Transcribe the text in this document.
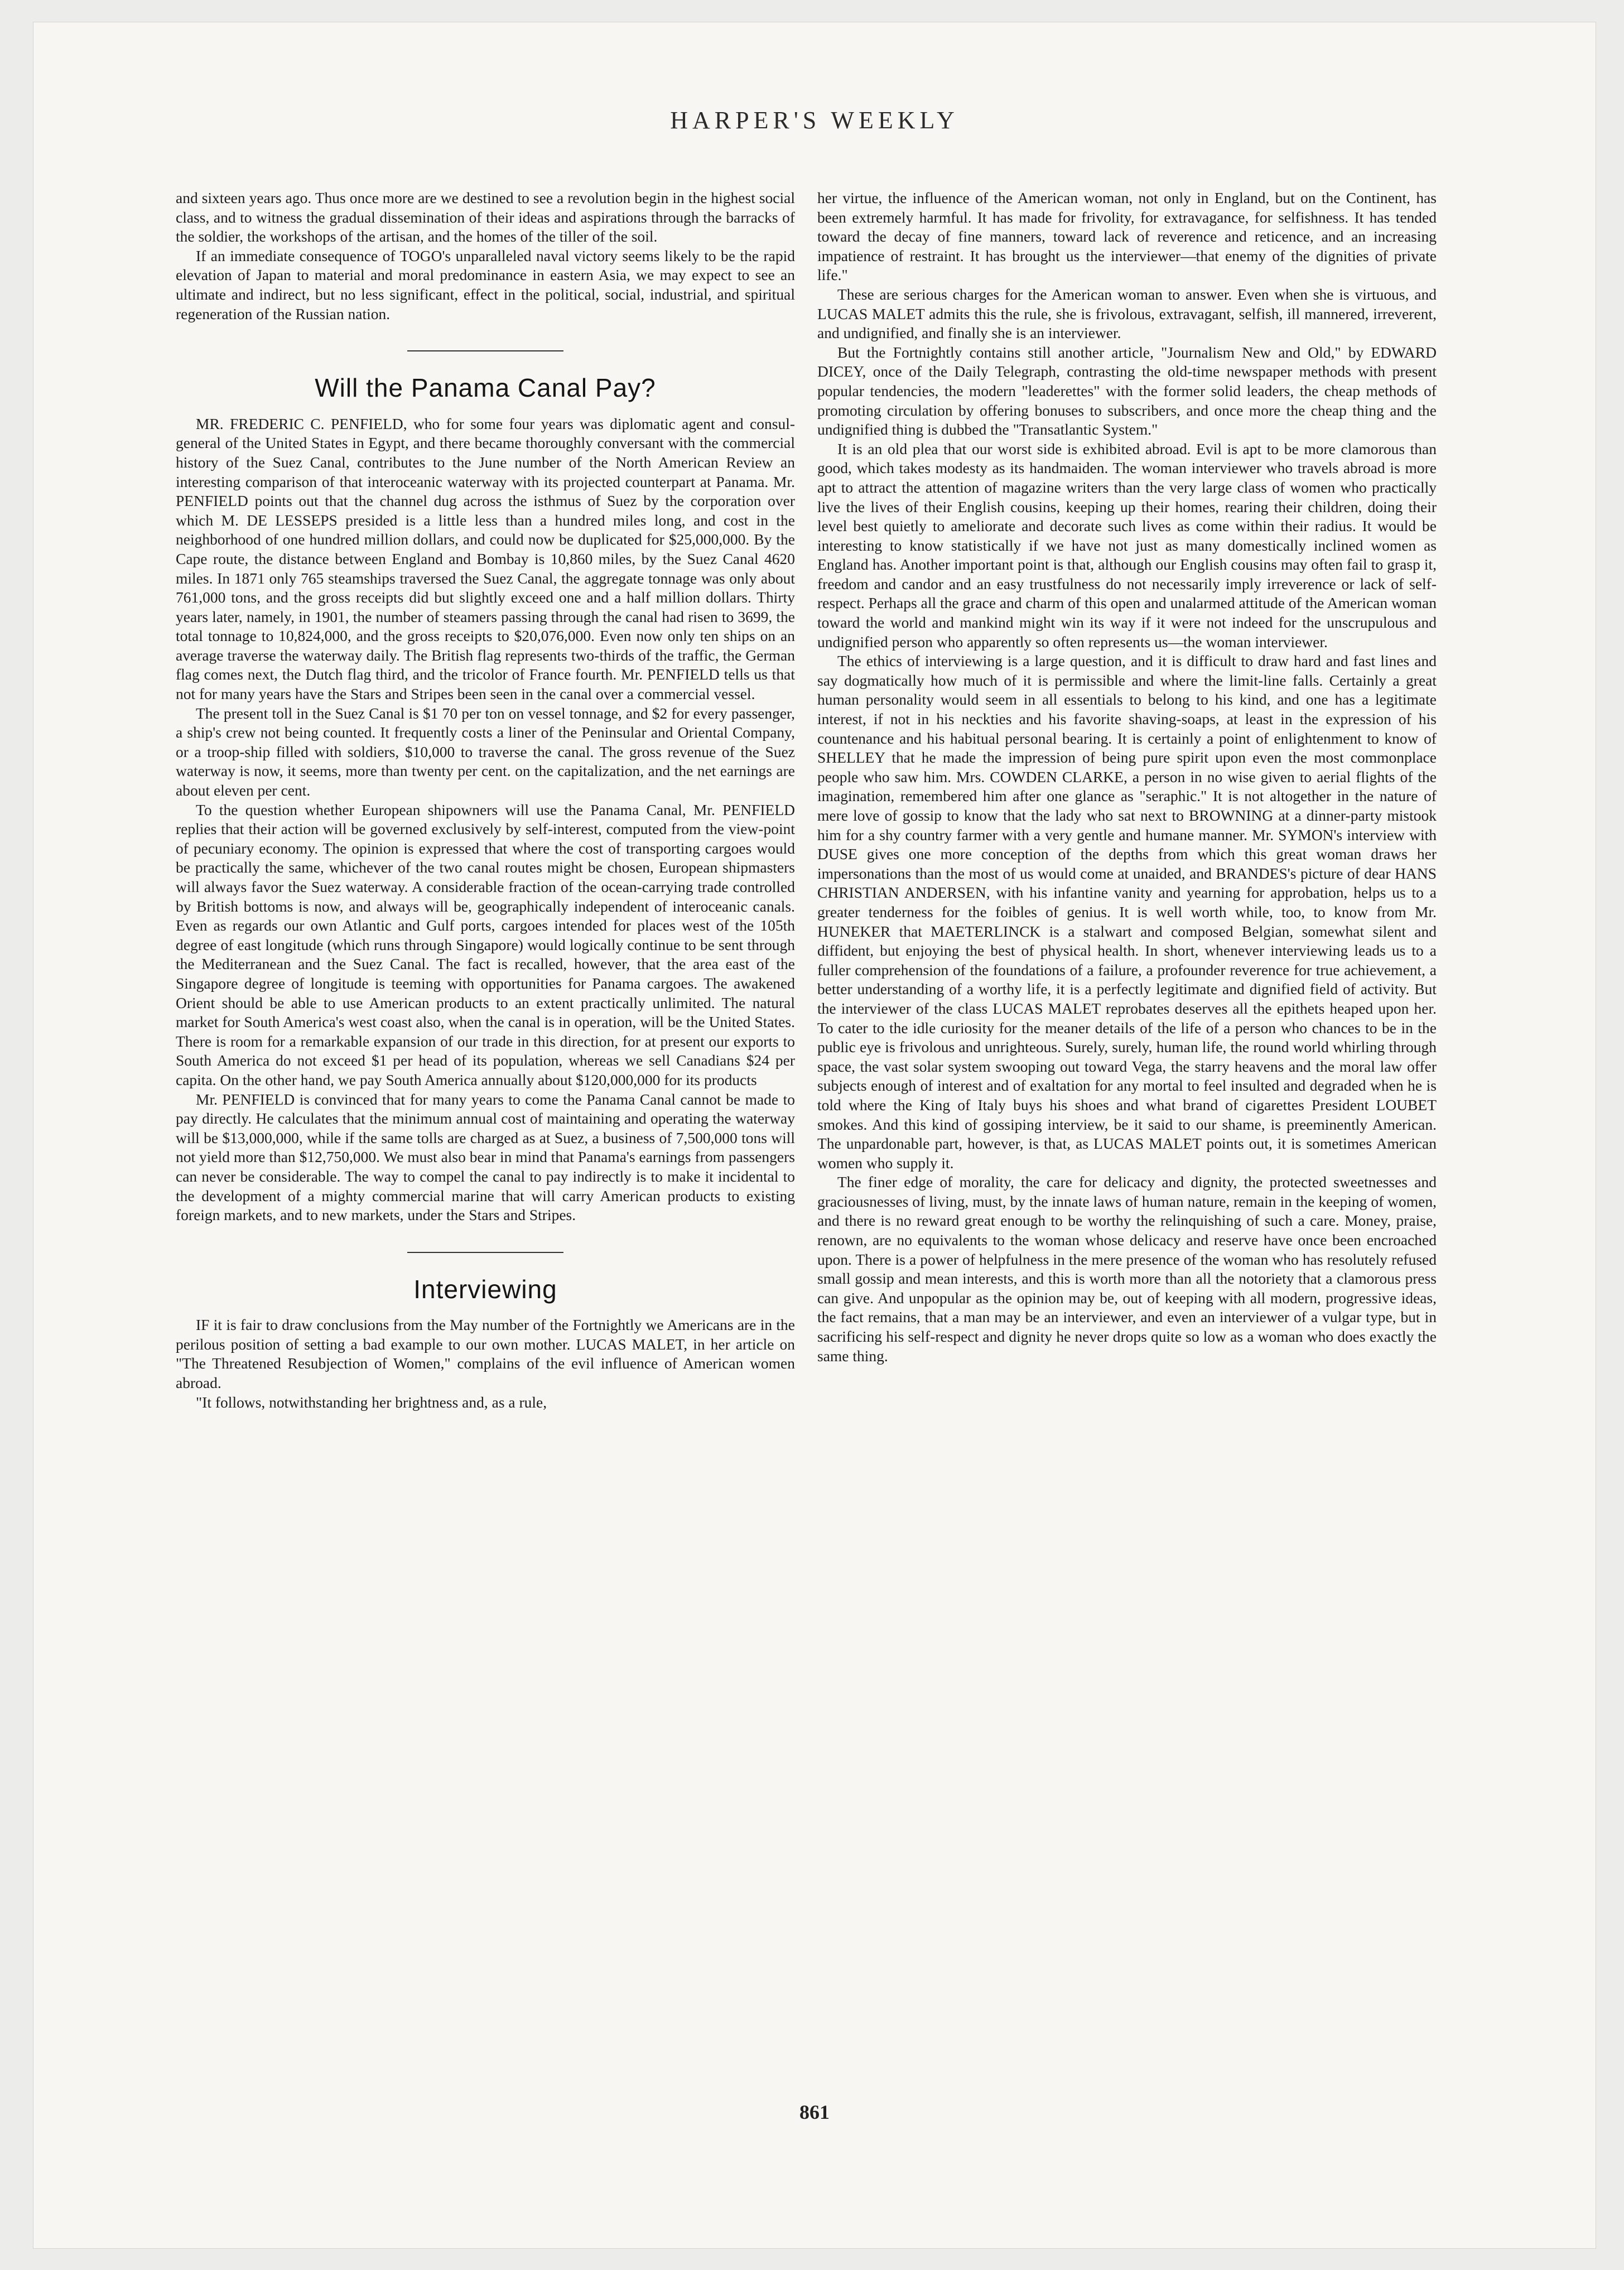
HARPER'S WEEKLY

and sixteen years ago. Thus once more are we destined to see a revolution begin in the highest social class, and to witness the gradual dissemination of their ideas and aspirations through the barracks of the soldier, the workshops of the artisan, and the homes of the tiller of the soil.

If an immediate consequence of TOGO's unparalleled naval victory seems likely to be the rapid elevation of Japan to material and moral predominance in eastern Asia, we may expect to see an ultimate and indirect, but no less significant, effect in the political, social, industrial, and spiritual regeneration of the Russian nation.

Will the Panama Canal Pay?

MR. FREDERIC C. PENFIELD, who for some four years was diplomatic agent and consul-general of the United States in Egypt, and there became thoroughly conversant with the commercial history of the Suez Canal, contributes to the June number of the North American Review an interesting comparison of that interoceanic waterway with its projected counterpart at Panama. Mr. PENFIELD points out that the channel dug across the isthmus of Suez by the corporation over which M. DE LESSEPS presided is a little less than a hundred miles long, and cost in the neighborhood of one hundred million dollars, and could now be duplicated for $25,000,000. By the Cape route, the distance between England and Bombay is 10,860 miles, by the Suez Canal 4620 miles. In 1871 only 765 steamships traversed the Suez Canal, the aggregate tonnage was only about 761,000 tons, and the gross receipts did but slightly exceed one and a half million dollars. Thirty years later, namely, in 1901, the number of steamers passing through the canal had risen to 3699, the total tonnage to 10,824,000, and the gross receipts to $20,076,000. Even now only ten ships on an average traverse the waterway daily. The British flag represents two-thirds of the traffic, the German flag comes next, the Dutch flag third, and the tricolor of France fourth. Mr. PENFIELD tells us that not for many years have the Stars and Stripes been seen in the canal over a commercial vessel.

The present toll in the Suez Canal is $1 70 per ton on vessel tonnage, and $2 for every passenger, a ship's crew not being counted. It frequently costs a liner of the Peninsular and Oriental Company, or a troop-ship filled with soldiers, $10,000 to traverse the canal. The gross revenue of the Suez waterway is now, it seems, more than twenty per cent. on the capitalization, and the net earnings are about eleven per cent.

To the question whether European shipowners will use the Panama Canal, Mr. PENFIELD replies that their action will be governed exclusively by self-interest, computed from the view-point of pecuniary economy. The opinion is expressed that where the cost of transporting cargoes would be practically the same, whichever of the two canal routes might be chosen, European shipmasters will always favor the Suez waterway. A considerable fraction of the ocean-carrying trade controlled by British bottoms is now, and always will be, geographically independent of interoceanic canals. Even as regards our own Atlantic and Gulf ports, cargoes intended for places west of the 105th degree of east longitude (which runs through Singapore) would logically continue to be sent through the Mediterranean and the Suez Canal. The fact is recalled, however, that the area east of the Singapore degree of longitude is teeming with opportunities for Panama cargoes. The awakened Orient should be able to use American products to an extent practically unlimited. The natural market for South America's west coast also, when the canal is in operation, will be the United States. There is room for a remarkable expansion of our trade in this direction, for at present our exports to South America do not exceed $1 per head of its population, whereas we sell Canadians $24 per capita. On the other hand, we pay South America annually about $120,000,000 for its products

Mr. PENFIELD is convinced that for many years to come the Panama Canal cannot be made to pay directly. He calculates that the minimum annual cost of maintaining and operating the waterway will be $13,000,000, while if the same tolls are charged as at Suez, a business of 7,500,000 tons will not yield more than $12,750,000. We must also bear in mind that Panama's earnings from passengers can never be considerable. The way to compel the canal to pay indirectly is to make it incidental to the development of a mighty commercial marine that will carry American products to existing foreign markets, and to new markets, under the Stars and Stripes.

Interviewing

IF it is fair to draw conclusions from the May number of the Fortnightly we Americans are in the perilous position of setting a bad example to our own mother. LUCAS MALET, in her article on "The Threatened Resubjection of Women," complains of the evil influence of American women abroad.

"It follows, notwithstanding her brightness and, as a rule,

her virtue, the influence of the American woman, not only in England, but on the Continent, has been extremely harmful. It has made for frivolity, for extravagance, for selfishness. It has tended toward the decay of fine manners, toward lack of reverence and reticence, and an increasing impatience of restraint. It has brought us the interviewer—that enemy of the dignities of private life."

These are serious charges for the American woman to answer. Even when she is virtuous, and LUCAS MALET admits this the rule, she is frivolous, extravagant, selfish, ill mannered, irreverent, and undignified, and finally she is an interviewer.

But the Fortnightly contains still another article, "Journalism New and Old," by EDWARD DICEY, once of the Daily Telegraph, contrasting the old-time newspaper methods with present popular tendencies, the modern "leaderettes" with the former solid leaders, the cheap methods of promoting circulation by offering bonuses to subscribers, and once more the cheap thing and the undignified thing is dubbed the "Transatlantic System."

It is an old plea that our worst side is exhibited abroad. Evil is apt to be more clamorous than good, which takes modesty as its handmaiden. The woman interviewer who travels abroad is more apt to attract the attention of magazine writers than the very large class of women who practically live the lives of their English cousins, keeping up their homes, rearing their children, doing their level best quietly to ameliorate and decorate such lives as come within their radius. It would be interesting to know statistically if we have not just as many domestically inclined women as England has. Another important point is that, although our English cousins may often fail to grasp it, freedom and candor and an easy trustfulness do not necessarily imply irreverence or lack of self-respect. Perhaps all the grace and charm of this open and unalarmed attitude of the American woman toward the world and mankind might win its way if it were not indeed for the unscrupulous and undignified person who apparently so often represents us—the woman interviewer.

The ethics of interviewing is a large question, and it is difficult to draw hard and fast lines and say dogmatically how much of it is permissible and where the limit-line falls. Certainly a great human personality would seem in all essentials to belong to his kind, and one has a legitimate interest, if not in his neckties and his favorite shaving-soaps, at least in the expression of his countenance and his habitual personal bearing. It is certainly a point of enlightenment to know of SHELLEY that he made the impression of being pure spirit upon even the most commonplace people who saw him. Mrs. COWDEN CLARKE, a person in no wise given to aerial flights of the imagination, remembered him after one glance as "seraphic." It is not altogether in the nature of mere love of gossip to know that the lady who sat next to BROWNING at a dinner-party mistook him for a shy country farmer with a very gentle and humane manner. Mr. SYMON's interview with DUSE gives one more conception of the depths from which this great woman draws her impersonations than the most of us would come at unaided, and BRANDES's picture of dear HANS CHRISTIAN ANDERSEN, with his infantine vanity and yearning for approbation, helps us to a greater tenderness for the foibles of genius. It is well worth while, too, to know from Mr. HUNEKER that MAETERLINCK is a stalwart and composed Belgian, somewhat silent and diffident, but enjoying the best of physical health. In short, whenever interviewing leads us to a fuller comprehension of the foundations of a failure, a profounder reverence for true achievement, a better understanding of a worthy life, it is a perfectly legitimate and dignified field of activity. But the interviewer of the class LUCAS MALET reprobates deserves all the epithets heaped upon her. To cater to the idle curiosity for the meaner details of the life of a person who chances to be in the public eye is frivolous and unrighteous. Surely, surely, human life, the round world whirling through space, the vast solar system swooping out toward Vega, the starry heavens and the moral law offer subjects enough of interest and of exaltation for any mortal to feel insulted and degraded when he is told where the King of Italy buys his shoes and what brand of cigarettes President LOUBET smokes. And this kind of gossiping interview, be it said to our shame, is preeminently American. The unpardonable part, however, is that, as LUCAS MALET points out, it is sometimes American women who supply it.

The finer edge of morality, the care for delicacy and dignity, the protected sweetnesses and graciousnesses of living, must, by the innate laws of human nature, remain in the keeping of women, and there is no reward great enough to be worthy the relinquishing of such a care. Money, praise, renown, are no equivalents to the woman whose delicacy and reserve have once been encroached upon. There is a power of helpfulness in the mere presence of the woman who has resolutely refused small gossip and mean interests, and this is worth more than all the notoriety that a clamorous press can give. And unpopular as the opinion may be, out of keeping with all modern, progressive ideas, the fact remains, that a man may be an interviewer, and even an interviewer of a vulgar type, but in sacrificing his self-respect and dignity he never drops quite so low as a woman who does exactly the same thing.

861
